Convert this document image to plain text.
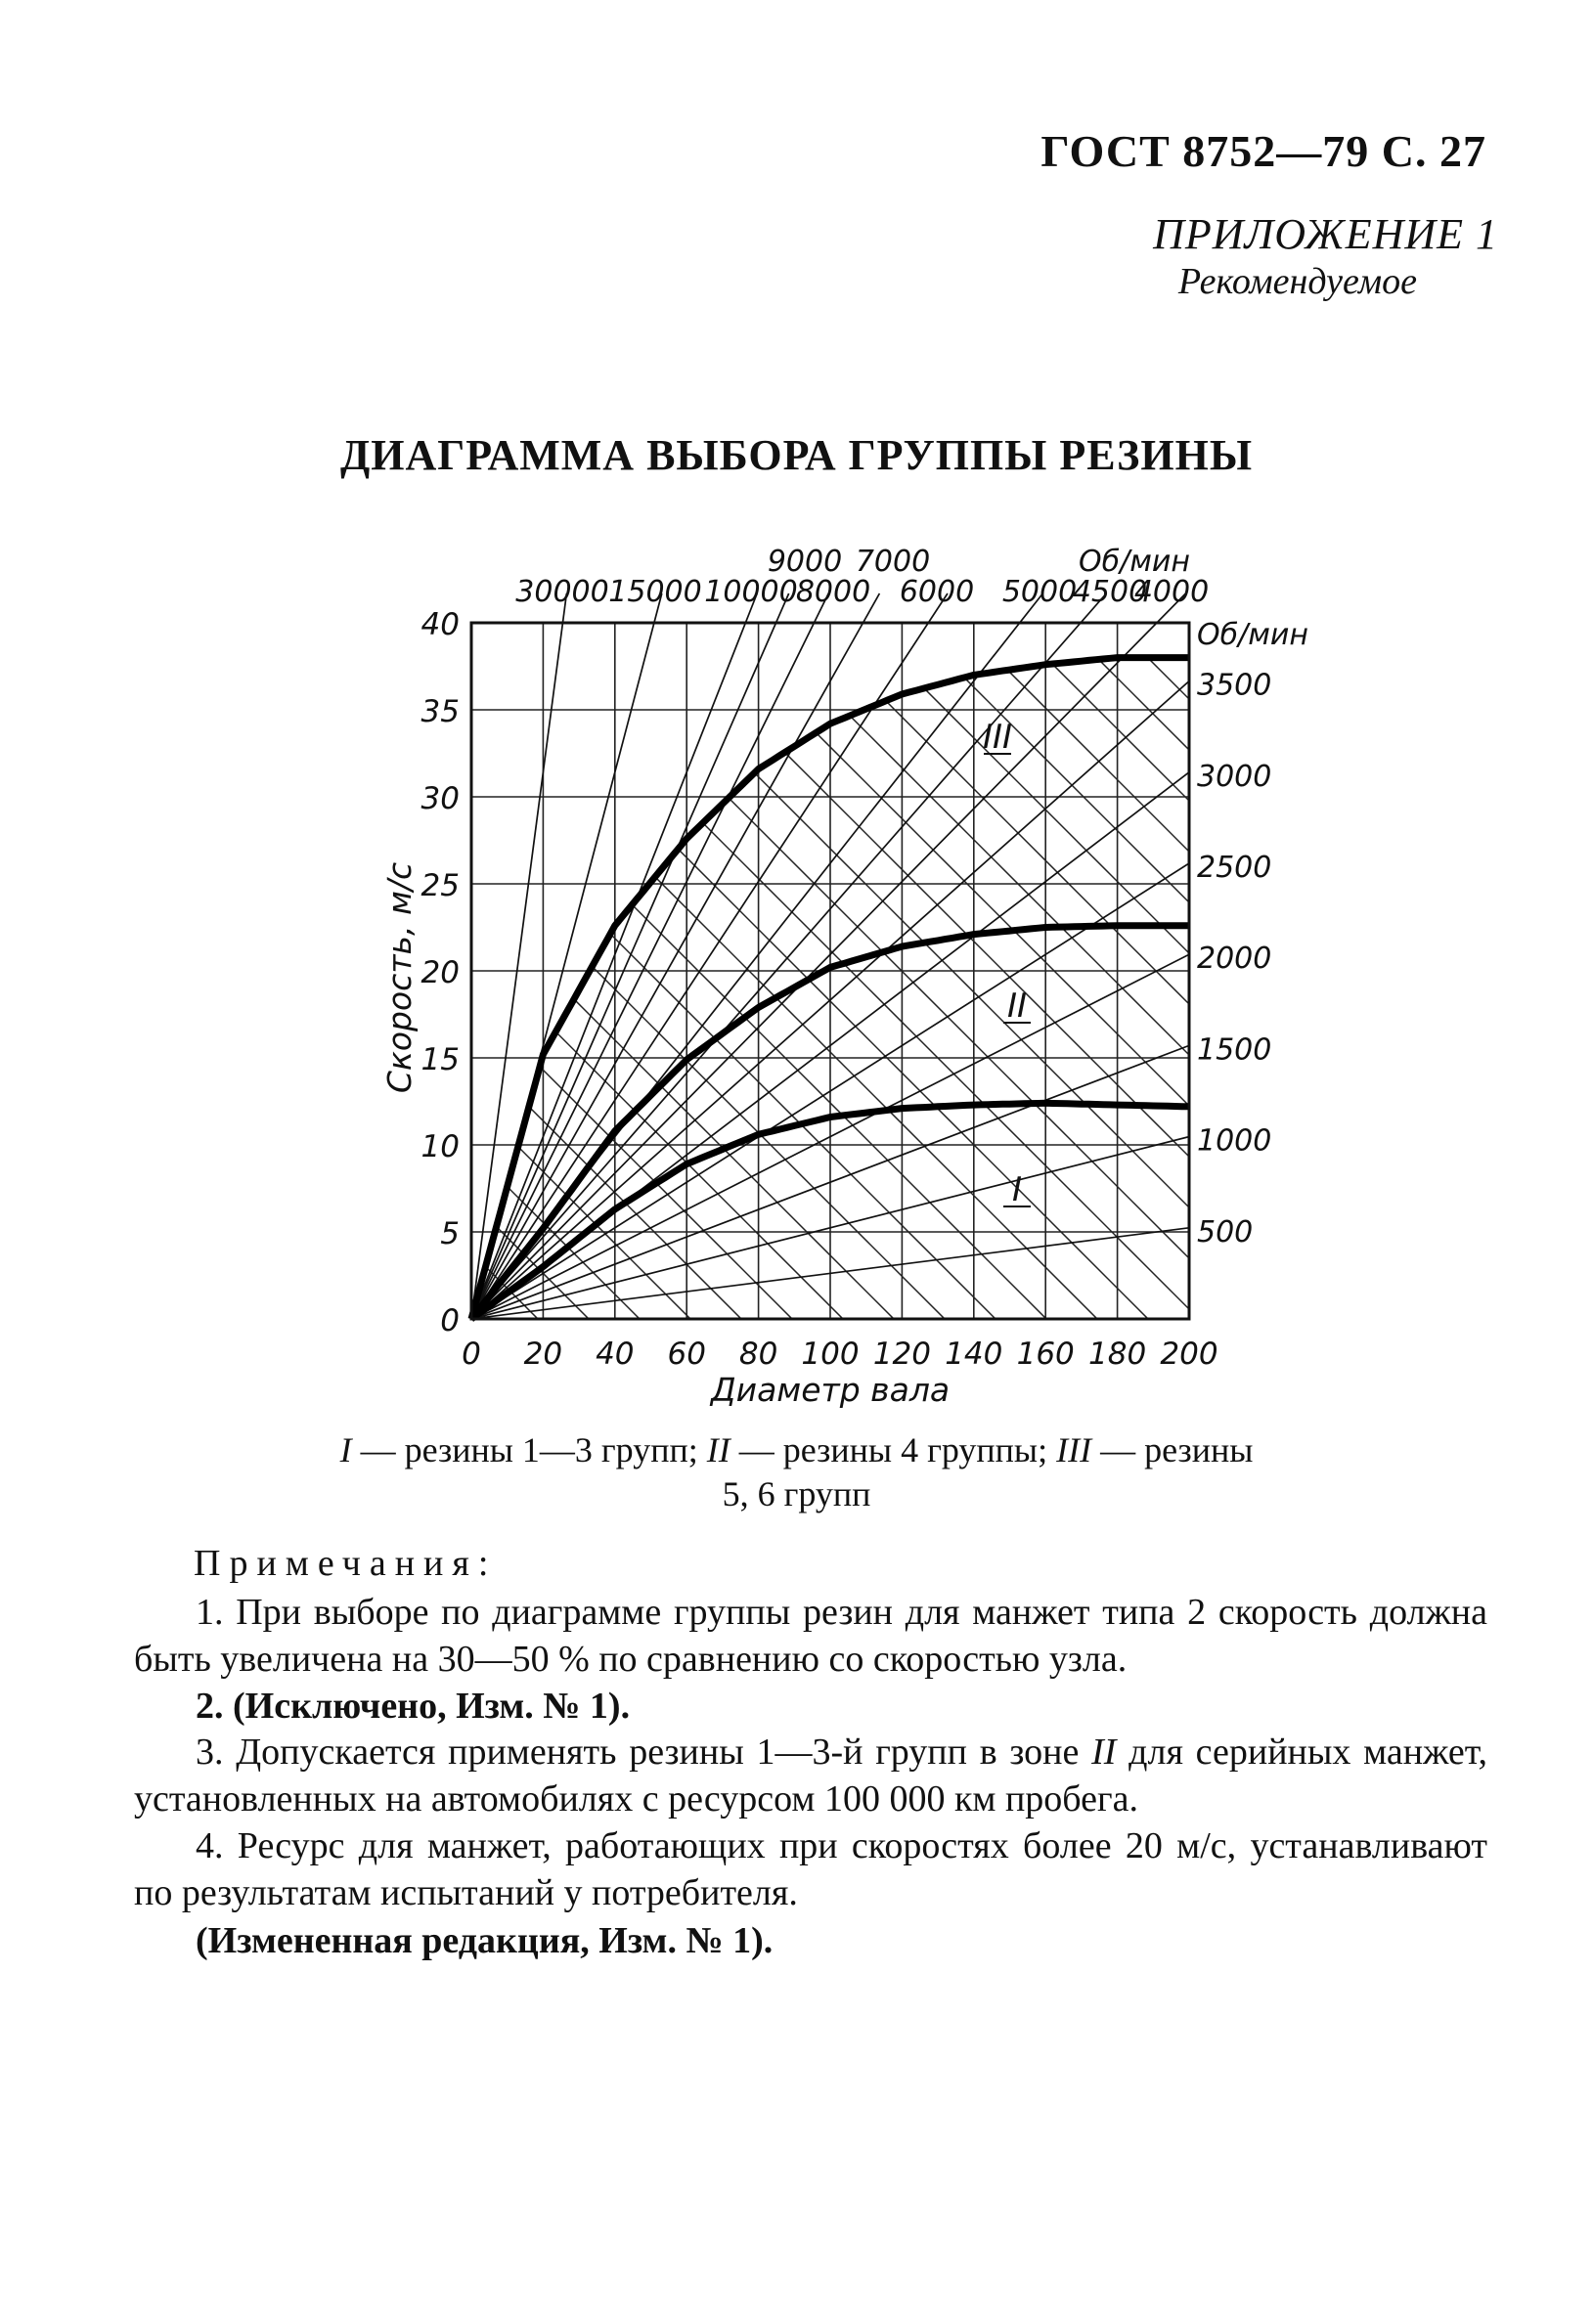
ГОСТ 8752—79 С. 27
ПРИЛОЖЕНИЕ 1
Рекомендуемое
ДИАГРАММА ВЫБОРА ГРУППЫ РЕЗИНЫ
0
5
10
15
20
25
30
35
40
0 20 40 60 80 100 120 140 160 180 200
Диаметр вала
Скорость, м/с
3500
3000
2500
2000
1500
1000
500
Об/мин
30000 15000 10000
8000 6000 5000
4500
4000
9000 7000	Об/мин
I
II
III
I — резины 1—3 групп; II — резины 4 группы; III — резины
5, 6 групп
Примечания:
1. При выборе по диаграмме группы резин для манжет типа 2 скорость должна быть увеличена на 30—50 % по сравнению со скоростью узла.
2. (Исключено, Изм. № 1).
3. Допускается применять резины 1—3-й групп в зоне II для серийных манжет, установленных на автомобилях с ресурсом 100 000 км пробега.
4. Ресурс для манжет, работающих при скоростях более 20 м/с, устанавливают по результатам испытаний у потребителя.
(Измененная редакция, Изм. № 1).
